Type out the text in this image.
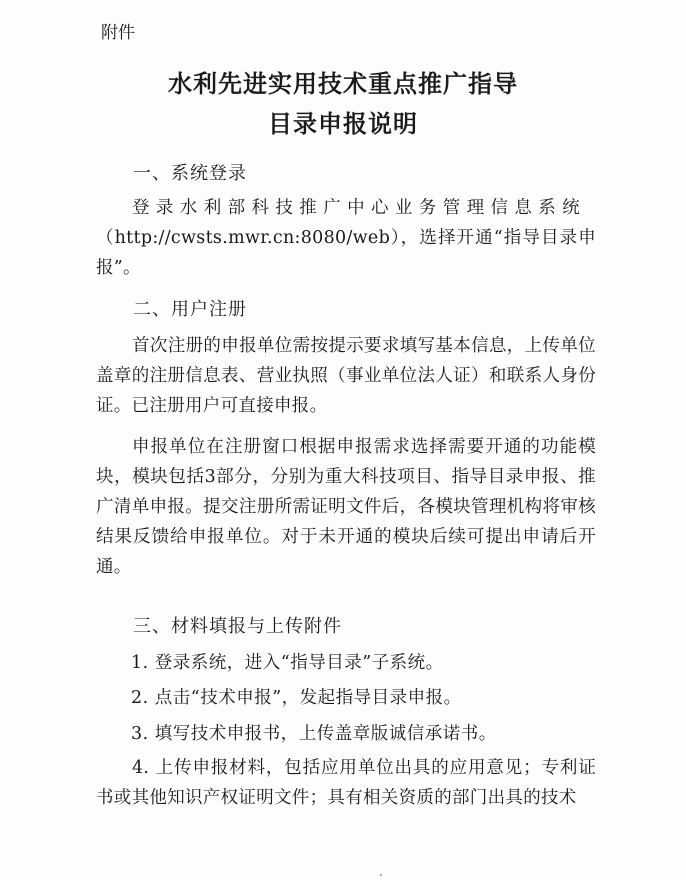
附件
水利先进实用技术重点推广指导
目录申报说明
一、系统登录
登录水利部科技推广中心业务管理信息系统
（http://cwsts.mwr.cn:8080/web），选择开通“指导目录申报”。
二、用户注册
首次注册的申报单位需按提示要求填写基本信息，上传单位盖章的注册信息表、营业执照（事业单位法人证）和联系人身份证。已注册用户可直接申报。
申报单位在注册窗口根据申报需求选择需要开通的功能模块，模块包括3部分，分别为重大科技项目、指导目录申报、推广清单申报。提交注册所需证明文件后，各模块管理机构将审核结果反馈给申报单位。对于未开通的模块后续可提出申请后开通。
三、材料填报与上传附件
1. 登录系统，进入“指导目录”子系统。
2. 点击“技术申报”，发起指导目录申报。
3. 填写技术申报书，上传盖章版诚信承诺书。
4. 上传申报材料，包括应用单位出具的应用意见；专利证书或其他知识产权证明文件；具有相关资质的部门出具的技术
